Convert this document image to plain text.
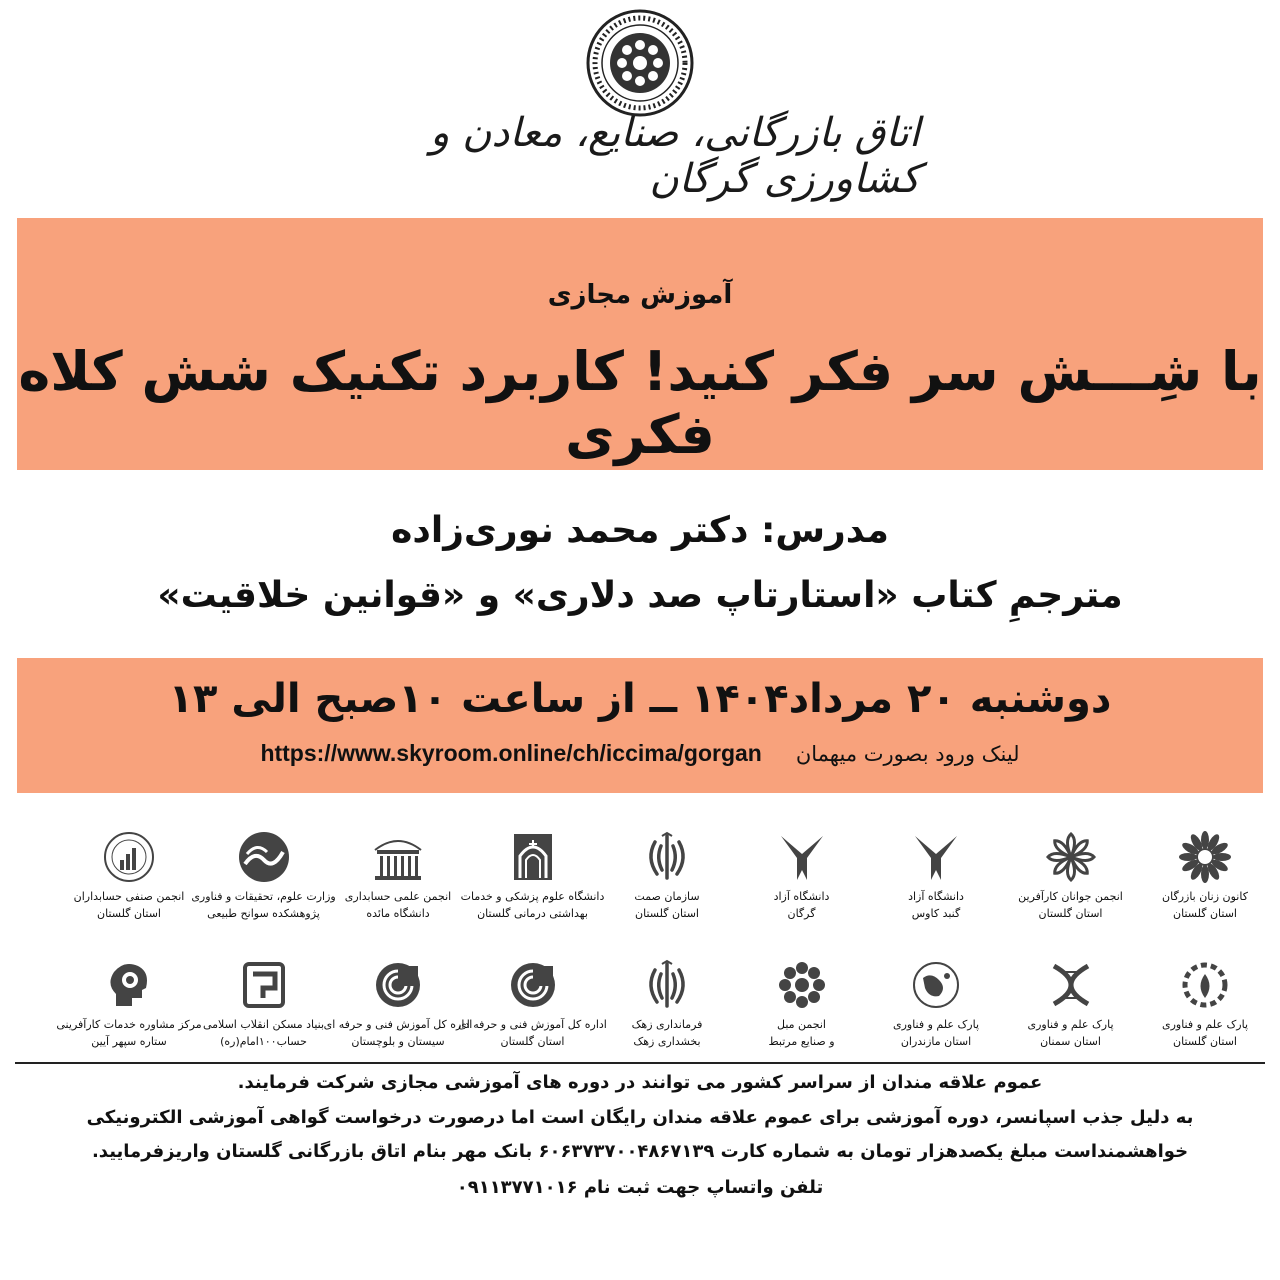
اتاق بازرگانی، صنایع، معادن و کشاورزی گرگان
آموزش مجازی
با شِـــش سر فکر کنید! کاربرد تکنیک شش کلاه فکری
مدرس: دکتر محمد نوری‌زاده
مترجمِ کتاب «استارتاپ صد دلاری» و «قوانین خلاقیت»
دوشنبه ۲۰ مرداد۱۴۰۴ ــ از ساعت ۱۰صبح الی ۱۳
لینک ورود بصورت میهمان
https://www.skyroom.online/ch/iccima/gorgan
کانون زنان بازرگان
استان گلستان
انجمن جوانان کارآفرین
استان گلستان
دانشگاه آزاد
گنبد کاوس
دانشگاه آزاد
گرگان
سازمان صمت
استان گلستان
دانشگاه علوم پزشکی و خدمات
بهداشتی درمانی گلستان
انجمن علمی حسابداری
دانشگاه مائده
وزارت علوم، تحقیقات و فناوری
پژوهشکده سوانح طبیعی
انجمن صنفی حسابداران
استان گلستان
پارک علم و فناوری
استان گلستان
پارک علم و فناوری
استان سمنان
پارک علم و فناوری
استان مازندران
انجمن مبل
و صنایع مرتبط
فرمانداری زهک
بخشداری زهک
اداره کل آموزش فنی و حرفه ای
استان گلستان
اداره کل آموزش فنی و حرفه ای
سیستان و بلوچستان
بنیاد مسکن انقلاب اسلامی
حساب۱۰۰امام(ره)
مرکز مشاوره خدمات کارآفرینی
ستاره سپهر آیین
عموم علاقه مندان از سراسر کشور می توانند در دوره های آموزشی مجازی شرکت فرمایند.
به دلیل جذب اسپانسر، دوره آموزشی برای عموم علاقه مندان رایگان است اما درصورت درخواست گواهی آموزشی الکترونیکی
خواهشمنداست مبلغ یکصدهزار تومان به شماره کارت ۶۰۶۳۷۳۷۰۰۴۸۶۷۱۳۹ بانک مهر بنام اتاق بازرگانی گلستان واریزفرمایید.
تلفن واتساپ جهت ثبت نام ۰۹۱۱۳۷۷۱۰۱۶
